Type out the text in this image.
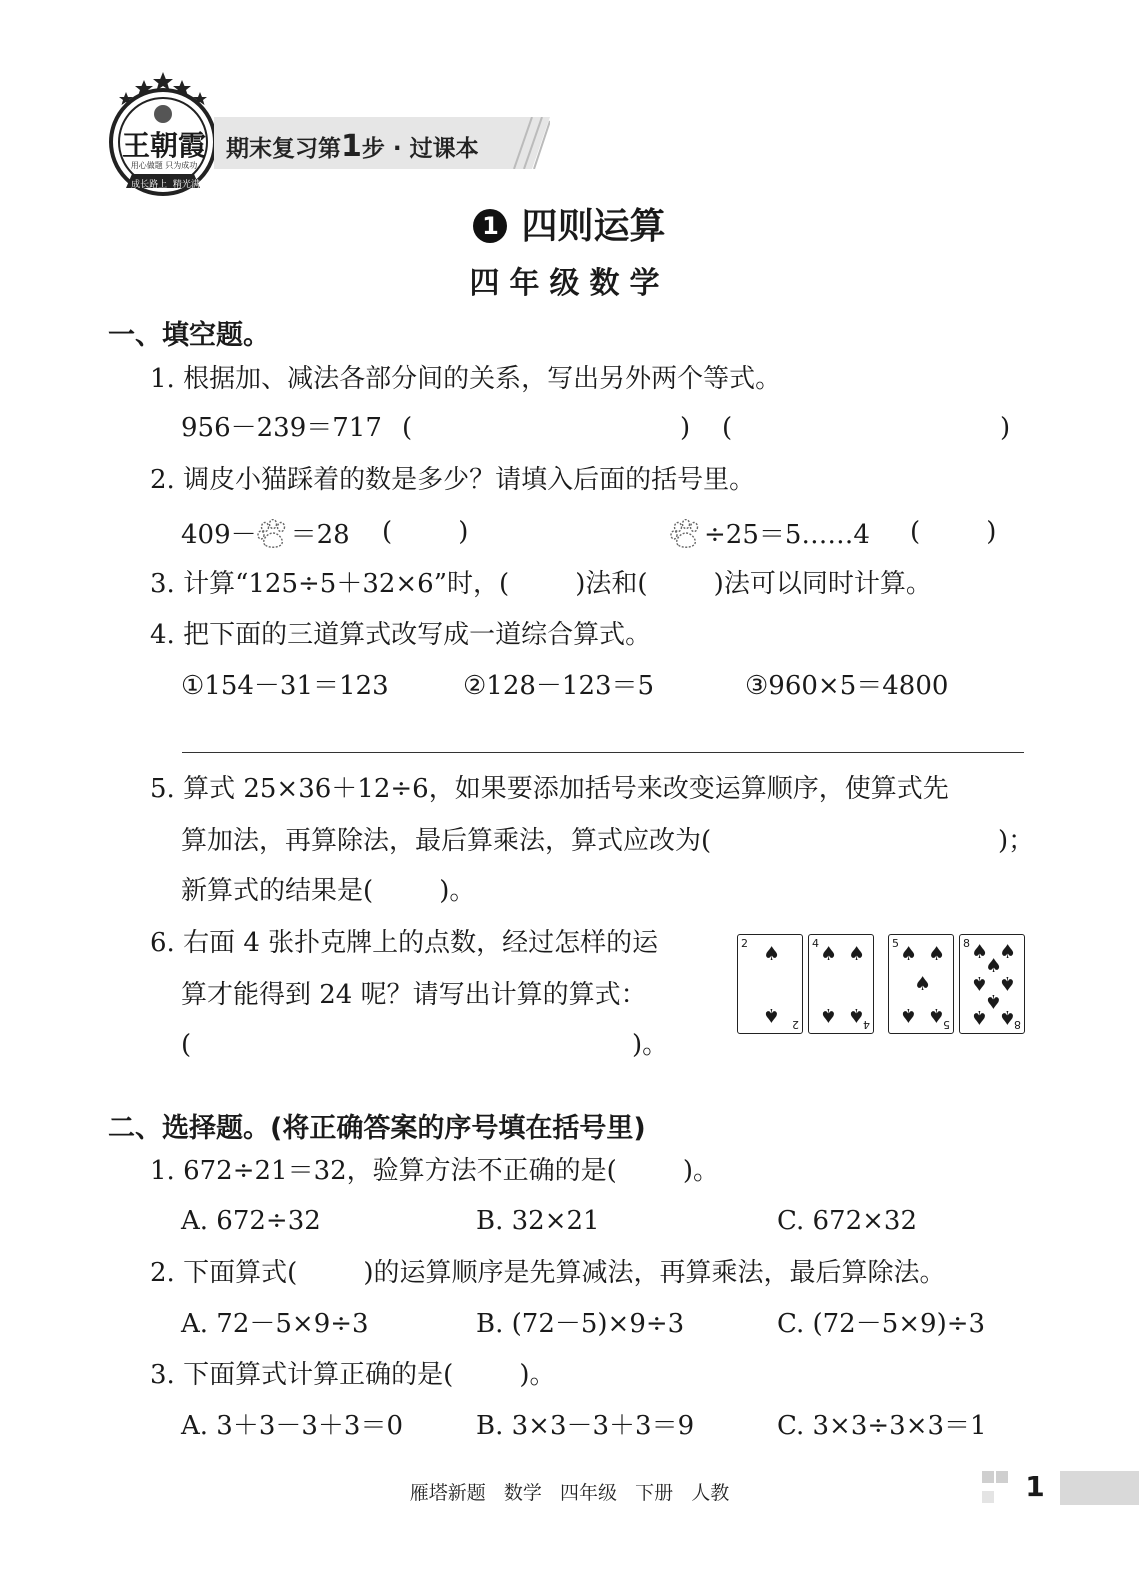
王朝霞
用心做题 只为成功
成长路上  精光满天
期末复习第1步 · 过课本
1 四则运算
四年级数学
一、填空题。
1. 根据加、减法各部分间的关系，写出另外两个等式。
956－239＝717 (	) (	)
2. 调皮小猫踩着的数是多少？请填入后面的括号里。
409－ ＝28 (        )	÷25＝5……4 (        )
3. 计算“125÷5＋32×6”时，(        )法和(        )法可以同时计算。
4. 把下面的三道算式改写成一道综合算式。
①154－31＝123	②128－123＝5	③960×5＝4800
5. 算式 25×36＋12÷6，如果要添加括号来改变运算顺序，使算式先
算加法，再算除法，最后算乘法，算式应改为(	)；
新算式的结果是(        )。
6. 右面 4 张扑克牌上的点数，经过怎样的运
算才能得到 24 呢？请写出计算的算式：
(	)。
2
2
♠
♠
4
4
♠ ♠
♠ ♠
5
5
♠ ♠
♠
♠ ♠
8
8
♠ ♠
♠
♠ ♠
♠
♠ ♠
二、选择题。(将正确答案的序号填在括号里)
1. 672÷21＝32，验算方法不正确的是(        )。
A. 672÷32	B. 32×21	C. 672×32
2. 下面算式(        )的运算顺序是先算减法，再算乘法，最后算除法。
A. 72－5×9÷3	B. (72－5)×9÷3	C. (72－5×9)÷3
3. 下面算式计算正确的是(        )。
A. 3＋3－3＋3＝0	B. 3×3－3＋3＝9	C. 3×3÷3×3＝1
雁塔新题   数学   四年级   下册   人教	1
